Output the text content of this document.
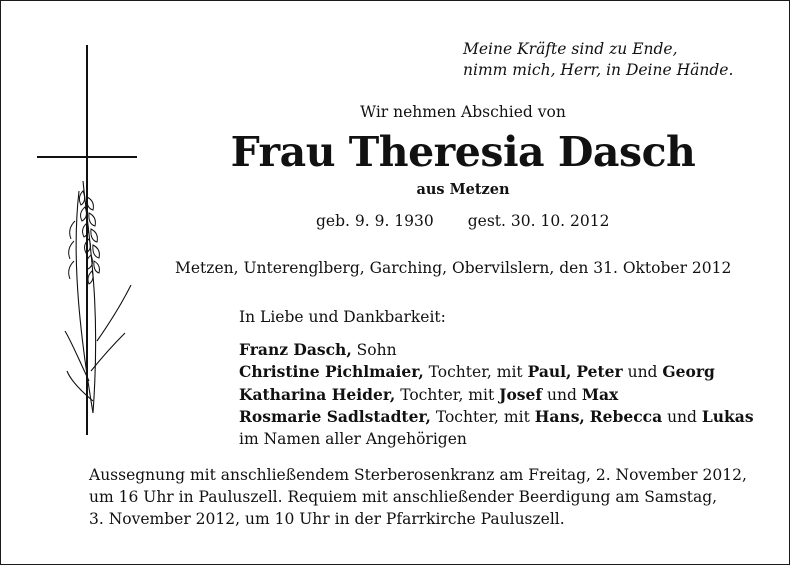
Meine Kräfte sind zu Ende,
nimm mich, Herr, in Deine Hände.
Wir nehmen Abschied von
Frau Theresia Dasch
aus Metzen
geb. 9. 9. 1930 gest. 30. 10. 2012
Metzen, Unterenglberg, Garching, Obervilslern, den 31. Oktober 2012
In Liebe und Dankbarkeit:
Franz Dasch, Sohn
Christine Pichlmaier, Tochter, mit Paul, Peter und Georg
Katharina Heider, Tochter, mit Josef und Max
Rosmarie Sadlstadter, Tochter, mit Hans, Rebecca und Lukas
im Namen aller Angehörigen
Aussegnung mit anschließendem Sterberosenkranz am Freitag, 2. November 2012,
um 16 Uhr in Pauluszell. Requiem mit anschließender Beerdigung am Samstag,
3. November 2012, um 10 Uhr in der Pfarrkirche Pauluszell.
